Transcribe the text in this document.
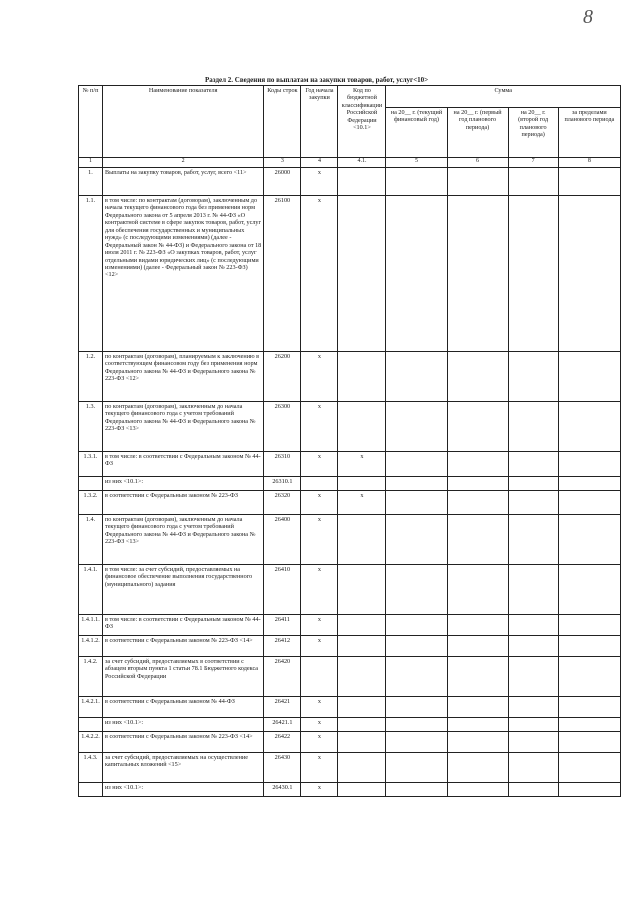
8
Раздел 2. Сведения по выплатам на закупки товаров, работ, услуг<10>
№ п/п	Наименование показателя	Коды строк	Год начала закупки	Код по бюджетной классификации Российской Федерации <10.1>	Сумма			
					на 20__ г. (текущий финансовый год)	на 20__ г. (первый год планового периода)	на 20__ г. (второй год планового периода)	за пределами планового периода
1	2	3	4	4.1.	5	6	7	8
1.	Выплаты на закупку товаров, работ, услуг, всего <11>	26000	х					
1.1.	в том числе: по контрактам (договорам), заключенным до начала текущего финансового года без применения норм Федерального закона от 5 апреля 2013 г. № 44-ФЗ «О контрактной системе в сфере закупок товаров, работ, услуг для обеспечения государственных и муниципальных нужд» (с последующими изменениями) (далее - Федеральный закон № 44-ФЗ) и Федерального закона от 18 июля 2011 г. № 223-ФЗ «О закупках товаров, работ, услуг отдельными видами юридических лиц» (с последующими изменениями) (далее - Федеральный закон № 223-ФЗ) <12>	26100	х					
1.2.	по контрактам (договорам), планируемым к заключению в соответствующем финансовом году без применения норм Федерального закона № 44-ФЗ и Федерального закона № 223-ФЗ <12>	26200	х					
1.3.	по контрактам (договорам), заключенным до начала текущего финансового года с учетом требований Федерального закона № 44-ФЗ и Федерального закона № 223-ФЗ <13>	26300	х					
1.3.1.	в том числе: в соответствии с Федеральным законом № 44-ФЗ	26310	х	х				
	из них <10.1>:	26310.1						
1.3.2.	в соответствии с Федеральным законом № 223-ФЗ	26320	х	х				
1.4.	по контрактам (договорам), заключенным до начала текущего финансового года с учетом требований Федерального закона № 44-ФЗ и Федерального закона № 223-ФЗ <13>	26400	х					
1.4.1.	в том числе: за счет субсидий, предоставляемых на финансовое обеспечение выполнения государственного (муниципального) задания	26410	х					
1.4.1.1.	в том числе: в соответствии с Федеральным законом № 44-ФЗ	26411	х					
1.4.1.2.	в соответствии с Федеральным законом № 223-ФЗ <14>	26412	х					
1.4.2.	за счет субсидий, предоставляемых в соответствии с абзацем вторым пункта 1 статьи 78.1 Бюджетного кодекса Российской Федерации	26420						
1.4.2.1.	в соответствии с Федеральным законом № 44-ФЗ	26421	х					
	из них <10.1>:	26421.1	х					
1.4.2.2.	в соответствии с Федеральным законом № 223-ФЗ <14>	26422	х					
1.4.3.	за счет субсидий, предоставляемых на осуществление капитальных вложений <15>	26430	х					
	из них <10.1>:	26430.1	х					
